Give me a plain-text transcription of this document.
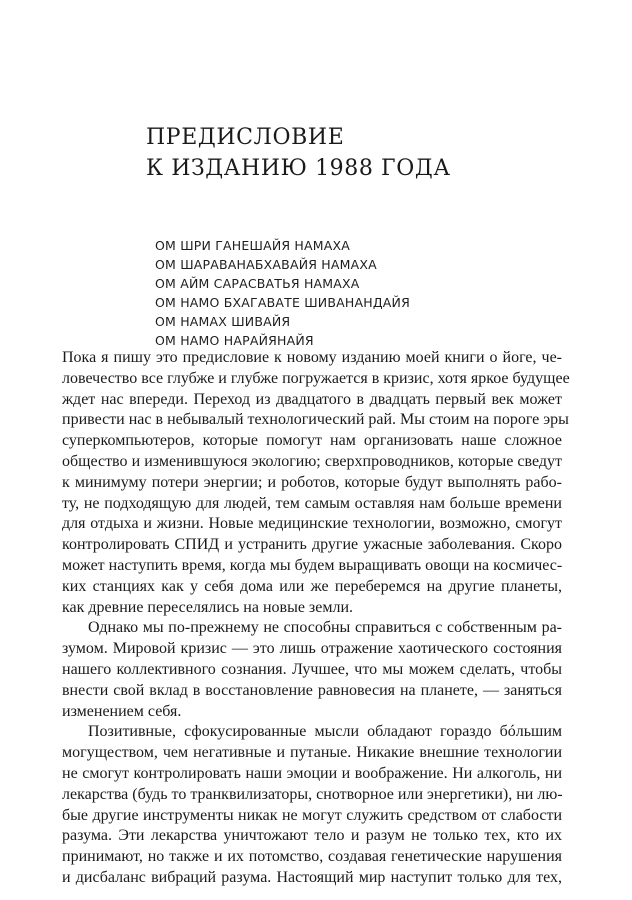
ПРЕДИСЛОВИЕ
К ИЗДАНИЮ 1988 ГОДА
ОМ ШРИ ГАНЕШАЙЯ НАМАХА
ОМ ШАРАВАНАБХАВАЙЯ НАМАХА
ОМ АЙМ САРАСВАТЬЯ НАМАХА
ОМ НАМО БХАГАВАТЕ ШИВАНАНДАЙЯ
ОМ НАМАХ ШИВАЙЯ
ОМ НАМО НАРАЙЯНАЙЯ
Пока я пишу это предисловие к новому изданию моей книги о йоге, че-
ловечество все глубже и глубже погружается в кризис, хотя яркое будущее
ждет нас впереди. Переход из двадцатого в двадцать первый век может
привести нас в небывалый технологический рай. Мы стоим на пороге эры
суперкомпьютеров, которые помогут нам организовать наше сложное
общество и изменившуюся экологию; сверхпроводников, которые сведут
к минимуму потери энергии; и роботов, которые будут выполнять рабо-
ту, не подходящую для людей, тем самым оставляя нам больше времени
для отдыха и жизни. Новые медицинские технологии, возможно, смогут
контролировать СПИД и устранить другие ужасные заболевания. Скоро
может наступить время, когда мы будем выращивать овощи на космичес-
ких станциях как у себя дома или же переберемся на другие планеты,
как древние переселялись на новые земли.
Однако мы по-прежнему не способны справиться с собственным ра-
зумом. Мировой кризис — это лишь отражение хаотического состояния
нашего коллективного сознания. Лучшее, что мы можем сделать, чтобы
внести свой вклад в восстановление равновесия на планете, — заняться
изменением себя.
Позитивные, сфокусированные мысли обладают гораздо бóльшим
могуществом, чем негативные и путаные. Никакие внешние технологии
не смогут контролировать наши эмоции и воображение. Ни алкоголь, ни
лекарства (будь то транквилизаторы, снотворное или энергетики), ни лю-
бые другие инструменты никак не могут служить средством от слабости
разума. Эти лекарства уничтожают тело и разум не только тех, кто их
принимают, но также и их потомство, создавая генетические нарушения
и дисбаланс вибраций разума. Настоящий мир наступит только для тех,
